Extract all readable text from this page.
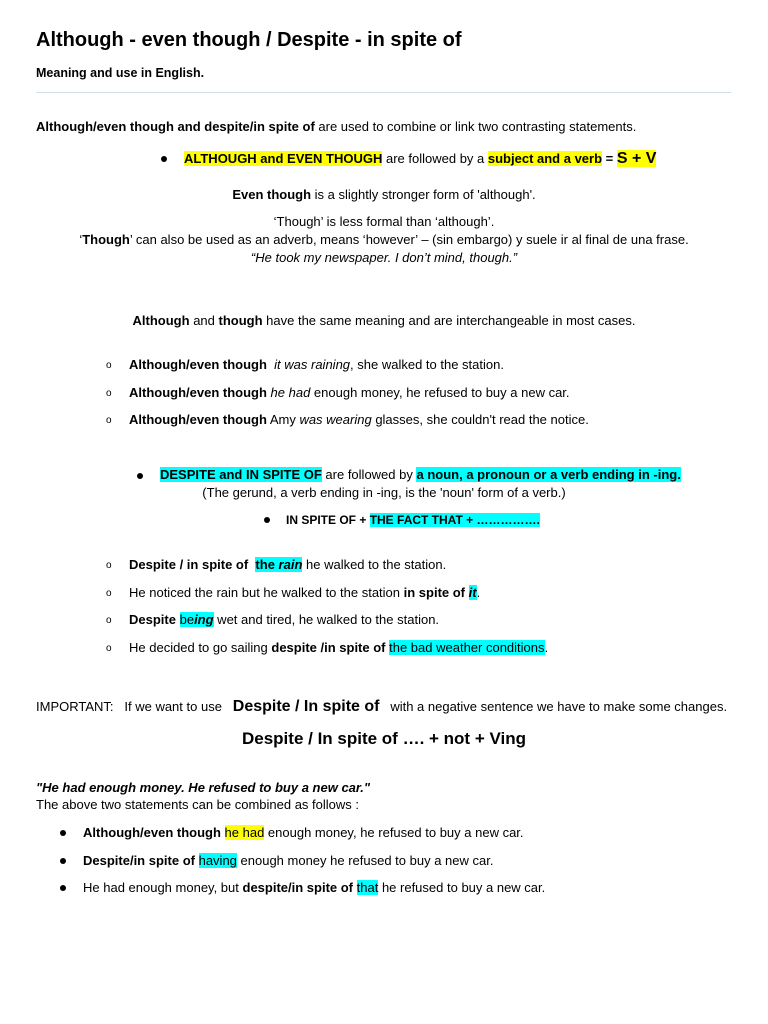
Although - even though / Despite - in spite of
Meaning and use in English.
Although/even though and despite/in spite of are used to combine or link two contrasting statements.
ALTHOUGH and EVEN THOUGH are followed by a subject and a verb = S + V
Even though is a slightly stronger form of 'although'.
‘Though’ is less formal than ‘although’.
‘Though’ can also be used as an adverb, means ‘however’ – (sin embargo) y suele ir al final de una frase.
“He took my newspaper. I don’t mind, though.”
Although and though have the same meaning and are interchangeable in most cases.
o Although/even though it was raining, she walked to the station.
o Although/even though he had enough money, he refused to buy a new car.
o Although/even though Amy was wearing glasses, she couldn't read the notice.
DESPITE and IN SPITE OF are followed by a noun, a pronoun or a verb ending in -ing.
(The gerund, a verb ending in -ing, is the 'noun' form of a verb.)
IN SPITE OF + THE FACT THAT + …………….
o Despite / in spite of the rain he walked to the station.
o He noticed the rain but he walked to the station in spite of it.
o Despite being wet and tired, he walked to the station.
o He decided to go sailing despite /in spite of the bad weather conditions.
IMPORTANT: If we want to use Despite / In spite of with a negative sentence we have to make some changes.
Despite / In spite of …. + not + Ving
"He had enough money. He refused to buy a new car."
The above two statements can be combined as follows :
Although/even though he had enough money, he refused to buy a new car.
Despite/in spite of having enough money he refused to buy a new car.
He had enough money, but despite/in spite of that he refused to buy a new car.
